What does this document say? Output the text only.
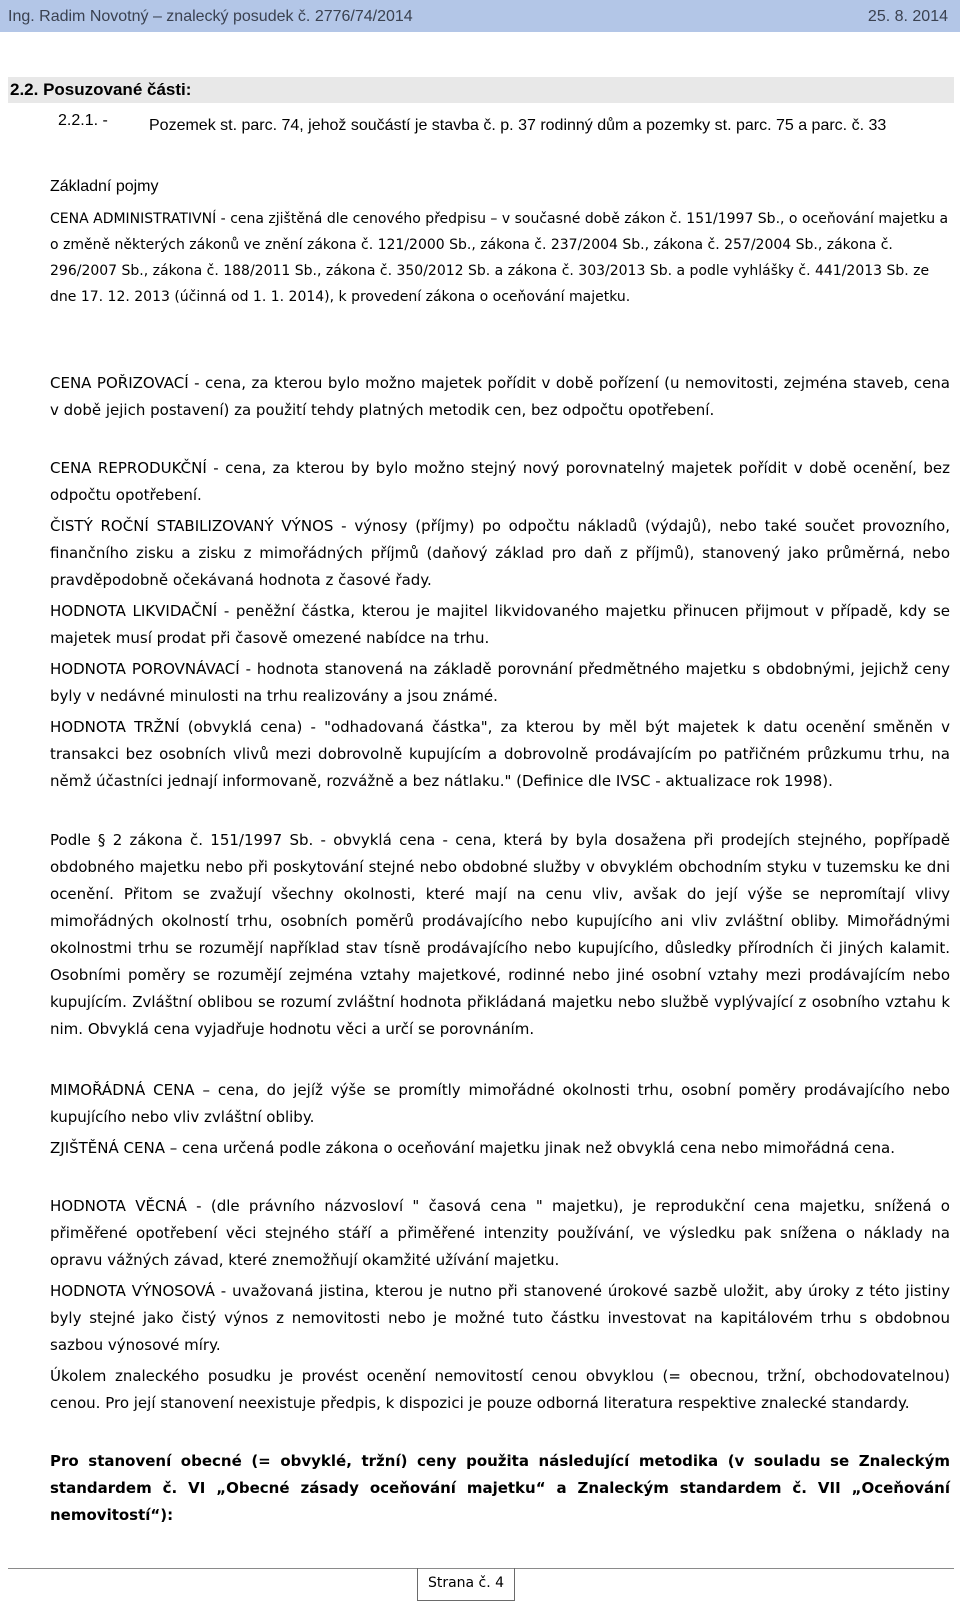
Ing. Radim Novotný – znalecký posudek č. 2776/74/2014	25. 8. 2014
2.2. Posuzované části:
2.2.1. -	Pozemek st. parc. 74, jehož součástí je stavba č. p. 37 rodinný dům a pozemky st. parc. 75 a parc. č. 33
Základní pojmy
CENA ADMINISTRATIVNÍ - cena zjištěná dle cenového předpisu – v současné době zákon č. 151/1997 Sb., o oceňování majetku a o změně některých zákonů ve znění zákona č. 121/2000 Sb., zákona č. 237/2004 Sb., zákona č. 257/2004 Sb., zákona č. 296/2007 Sb., zákona č. 188/2011 Sb., zákona č. 350/2012 Sb. a zákona č. 303/2013 Sb. a podle vyhlášky č. 441/2013 Sb. ze dne 17. 12. 2013 (účinná od 1. 1. 2014), k provedení zákona o oceňování majetku.
CENA POŘIZOVACÍ - cena, za kterou bylo možno majetek pořídit v době pořízení (u nemovitosti, zejména staveb, cena v době jejich postavení) za použití tehdy platných metodik cen, bez odpočtu opotřebení.
CENA REPRODUKČNÍ - cena, za kterou by bylo možno stejný nový porovnatelný majetek pořídit v době ocenění, bez odpočtu opotřebení.
ČISTÝ ROČNÍ STABILIZOVANÝ VÝNOS - výnosy (příjmy) po odpočtu nákladů (výdajů), nebo také součet provozního, finančního zisku a zisku z mimořádných příjmů (daňový základ pro daň z příjmů), stanovený jako průměrná, nebo pravděpodobně očekávaná hodnota z časové řady.
HODNOTA LIKVIDAČNÍ - peněžní částka, kterou je majitel likvidovaného majetku přinucen přijmout v případě, kdy se majetek musí prodat při časově omezené nabídce na trhu.
HODNOTA POROVNÁVACÍ - hodnota stanovená na základě porovnání předmětného majetku s obdobnými, jejichž ceny byly v nedávné minulosti na trhu realizovány a jsou známé.
HODNOTA TRŽNÍ (obvyklá cena) - "odhadovaná částka", za kterou by měl být majetek k datu ocenění směněn v transakci bez osobních vlivů mezi dobrovolně kupujícím a dobrovolně prodávajícím po patřičném průzkumu trhu, na němž účastníci jednají informovaně, rozvážně a bez nátlaku." (Definice dle IVSC - aktualizace rok 1998).
Podle § 2 zákona č. 151/1997 Sb. - obvyklá cena - cena, která by byla dosažena při prodejích stejného, popřípadě obdobného majetku nebo při poskytování stejné nebo obdobné služby v obvyklém obchodním styku v tuzemsku ke dni ocenění. Přitom se zvažují všechny okolnosti, které mají na cenu vliv, avšak do její výše se nepromítají vlivy mimořádných okolností trhu, osobních poměrů prodávajícího nebo kupujícího ani vliv zvláštní obliby. Mimořádnými okolnostmi trhu se rozumějí například stav tísně prodávajícího nebo kupujícího, důsledky přírodních či jiných kalamit. Osobními poměry se rozumějí zejména vztahy majetkové, rodinné nebo jiné osobní vztahy mezi prodávajícím nebo kupujícím. Zvláštní oblibou se rozumí zvláštní hodnota přikládaná majetku nebo službě vyplývající z osobního vztahu k nim. Obvyklá cena vyjadřuje hodnotu věci a určí se porovnáním.
MIMOŘÁDNÁ CENA – cena, do jejíž výše se promítly mimořádné okolnosti trhu, osobní poměry prodávajícího nebo kupujícího nebo vliv zvláštní obliby.
ZJIŠTĚNÁ CENA – cena určená podle zákona o oceňování majetku jinak než obvyklá cena nebo mimořádná cena.
HODNOTA VĚCNÁ - (dle právního názvosloví " časová cena " majetku), je reprodukční cena majetku, snížená o přiměřené opotřebení věci stejného stáří a přiměřené intenzity používání, ve výsledku pak snížena o náklady na opravu vážných závad, které znemožňují okamžité užívání majetku.
HODNOTA VÝNOSOVÁ - uvažovaná jistina, kterou je nutno při stanovené úrokové sazbě uložit, aby úroky z této jistiny byly stejné jako čistý výnos z nemovitosti nebo je možné tuto částku investovat na kapitálovém trhu s obdobnou sazbou výnosové míry.
Úkolem znaleckého posudku je provést ocenění nemovitostí cenou obvyklou (= obecnou, tržní, obchodovatelnou) cenou. Pro její stanovení neexistuje předpis, k dispozici je pouze odborná literatura respektive znalecké standardy.
Pro stanovení obecné (= obvyklé, tržní) ceny použita následující metodika (v souladu se Znaleckým standardem č. VI „Obecné zásady oceňování majetku“ a Znaleckým standardem č. VII „Oceňování nemovitostí“):
Strana č. 4
